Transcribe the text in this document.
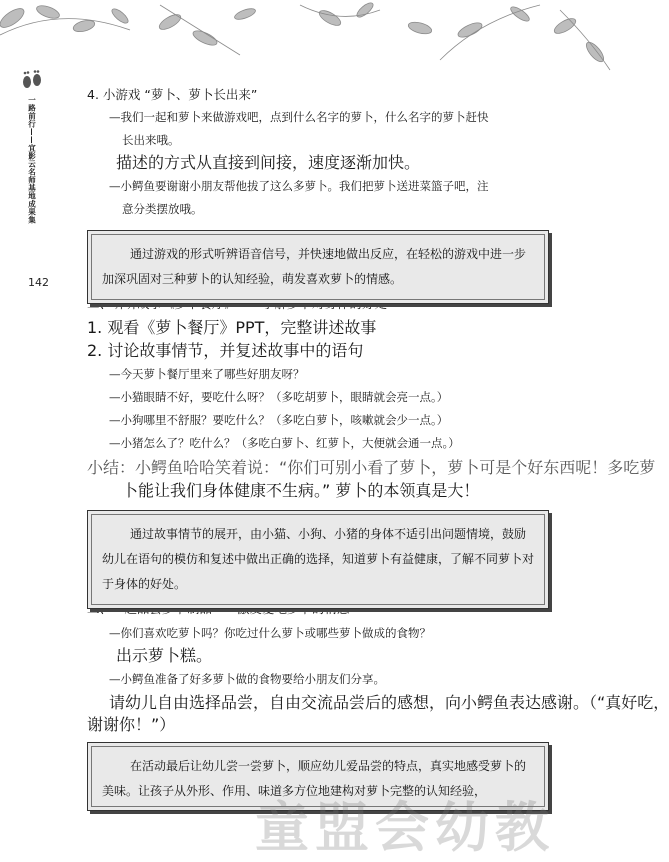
一路前行——宜影云名师基地成果集
142
4. 小游戏 “萝卜、萝卜长出来”
—我们一起和萝卜来做游戏吧，点到什么名字的萝卜，什么名字的萝卜赶快
长出来哦。
描述的方式从直接到间接，速度逐渐加快。
—小鳄鱼要谢谢小朋友帮他拔了这么多萝卜。我们把萝卜送进菜篮子吧，注
意分类摆放哦。
1. 观看《萝卜餐厅》PPT，完整讲述故事
2. 讨论故事情节，并复述故事中的语句
—今天萝卜餐厅里来了哪些好朋友呀？
—小猫眼睛不好，要吃什么呀？（多吃胡萝卜，眼睛就会亮一点。）
—小狗哪里不舒服？要吃什么？（多吃白萝卜，咳嗽就会少一点。）
—小猪怎么了？吃什么？（多吃白萝卜、红萝卜，大便就会通一点。）
小结：小鳄鱼哈哈笑着说：“你们可别小看了萝卜，萝卜可是个好东西呢！多吃萝
卜能让我们身体健康不生病。” 萝卜的本领真是大！
—你们喜欢吃萝卜吗？你吃过什么萝卜或哪些萝卜做成的食物？
出示萝卜糕。
—小鳄鱼准备了好多萝卜做的食物要给小朋友们分享。
请幼儿自由选择品尝，自由交流品尝后的感想，向小鳄鱼表达感谢。（“真好吃，
谢谢你！”）
通过游戏的形式听辨语音信号，并快速地做出反应，在轻松的游戏中进一步加深巩固对三种萝卜的认知经验，萌发喜欢萝卜的情感。
通过故事情节的展开，由小猫、小狗、小猪的身体不适引出问题情境，鼓励幼儿在语句的模仿和复述中做出正确的选择，知道萝卜有益健康，了解不同萝卜对于身体的好处。
在活动最后让幼儿尝一尝萝卜，顺应幼儿爱品尝的特点，真实地感受萝卜的美味。让孩子从外形、作用、味道多方位地建构对萝卜完整的认知经验，
童盟会幼教
